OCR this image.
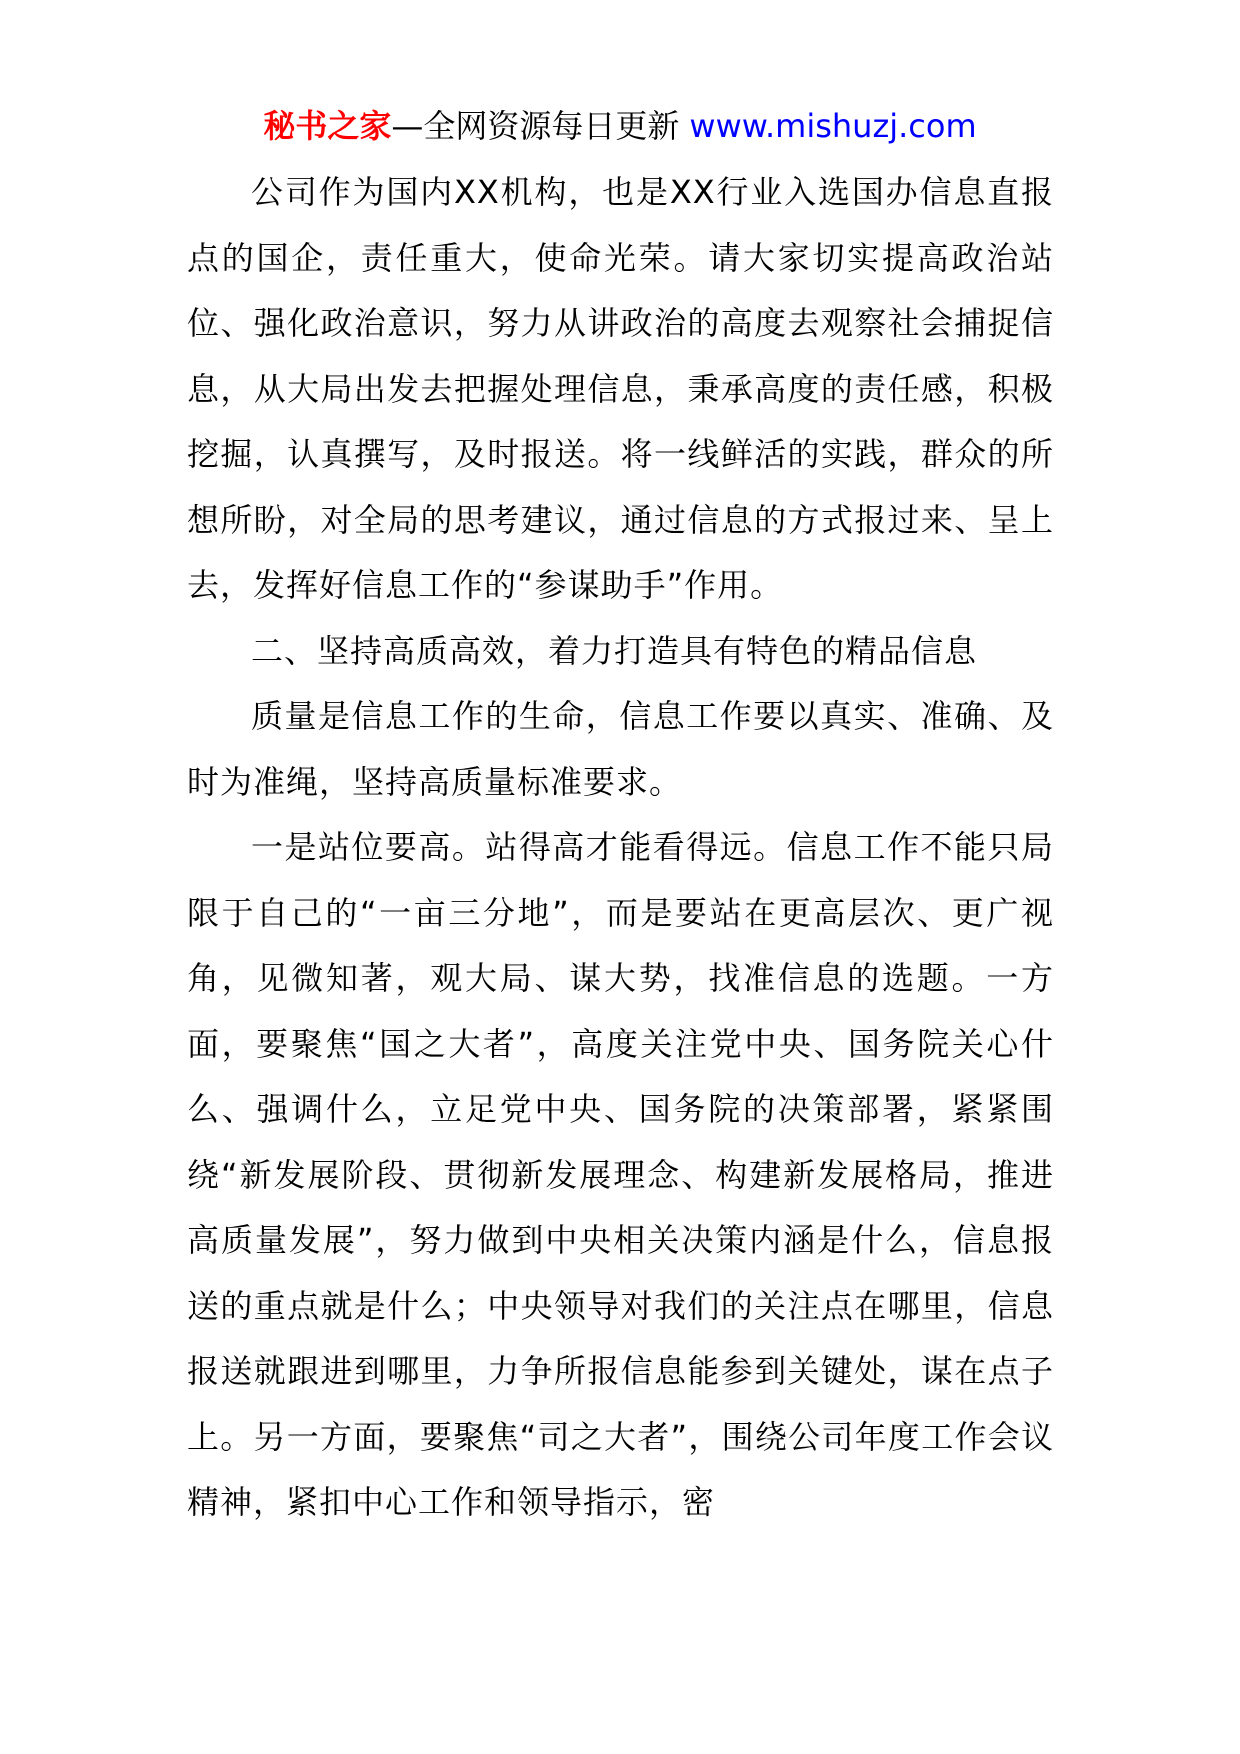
秘书之家—全网资源每日更新 www.mishuzj.com

公司作为国内XX机构，也是XX行业入选国办信息直报点的国企，责任重大，使命光荣。请大家切实提高政治站位、强化政治意识，努力从讲政治的高度去观察社会捕捉信息，从大局出发去把握处理信息，秉承高度的责任感，积极挖掘，认真撰写，及时报送。将一线鲜活的实践，群众的所想所盼，对全局的思考建议，通过信息的方式报过来、呈上去，发挥好信息工作的“参谋助手”作用。

二、坚持高质高效，着力打造具有特色的精品信息

质量是信息工作的生命，信息工作要以真实、准确、及时为准绳，坚持高质量标准要求。

一是站位要高。站得高才能看得远。信息工作不能只局限于自己的“一亩三分地”，而是要站在更高层次、更广视角，见微知著，观大局、谋大势，找准信息的选题。一方面，要聚焦“国之大者”，高度关注党中央、国务院关心什么、强调什么，立足党中央、国务院的决策部署，紧紧围绕“新发展阶段、贯彻新发展理念、构建新发展格局，推进高质量发展”，努力做到中央相关决策内涵是什么，信息报送的重点就是什么；中央领导对我们的关注点在哪里，信息报送就跟进到哪里，力争所报信息能参到关键处，谋在点子上。另一方面，要聚焦“司之大者”，围绕公司年度工作会议精神，紧扣中心工作和领导指示，密
